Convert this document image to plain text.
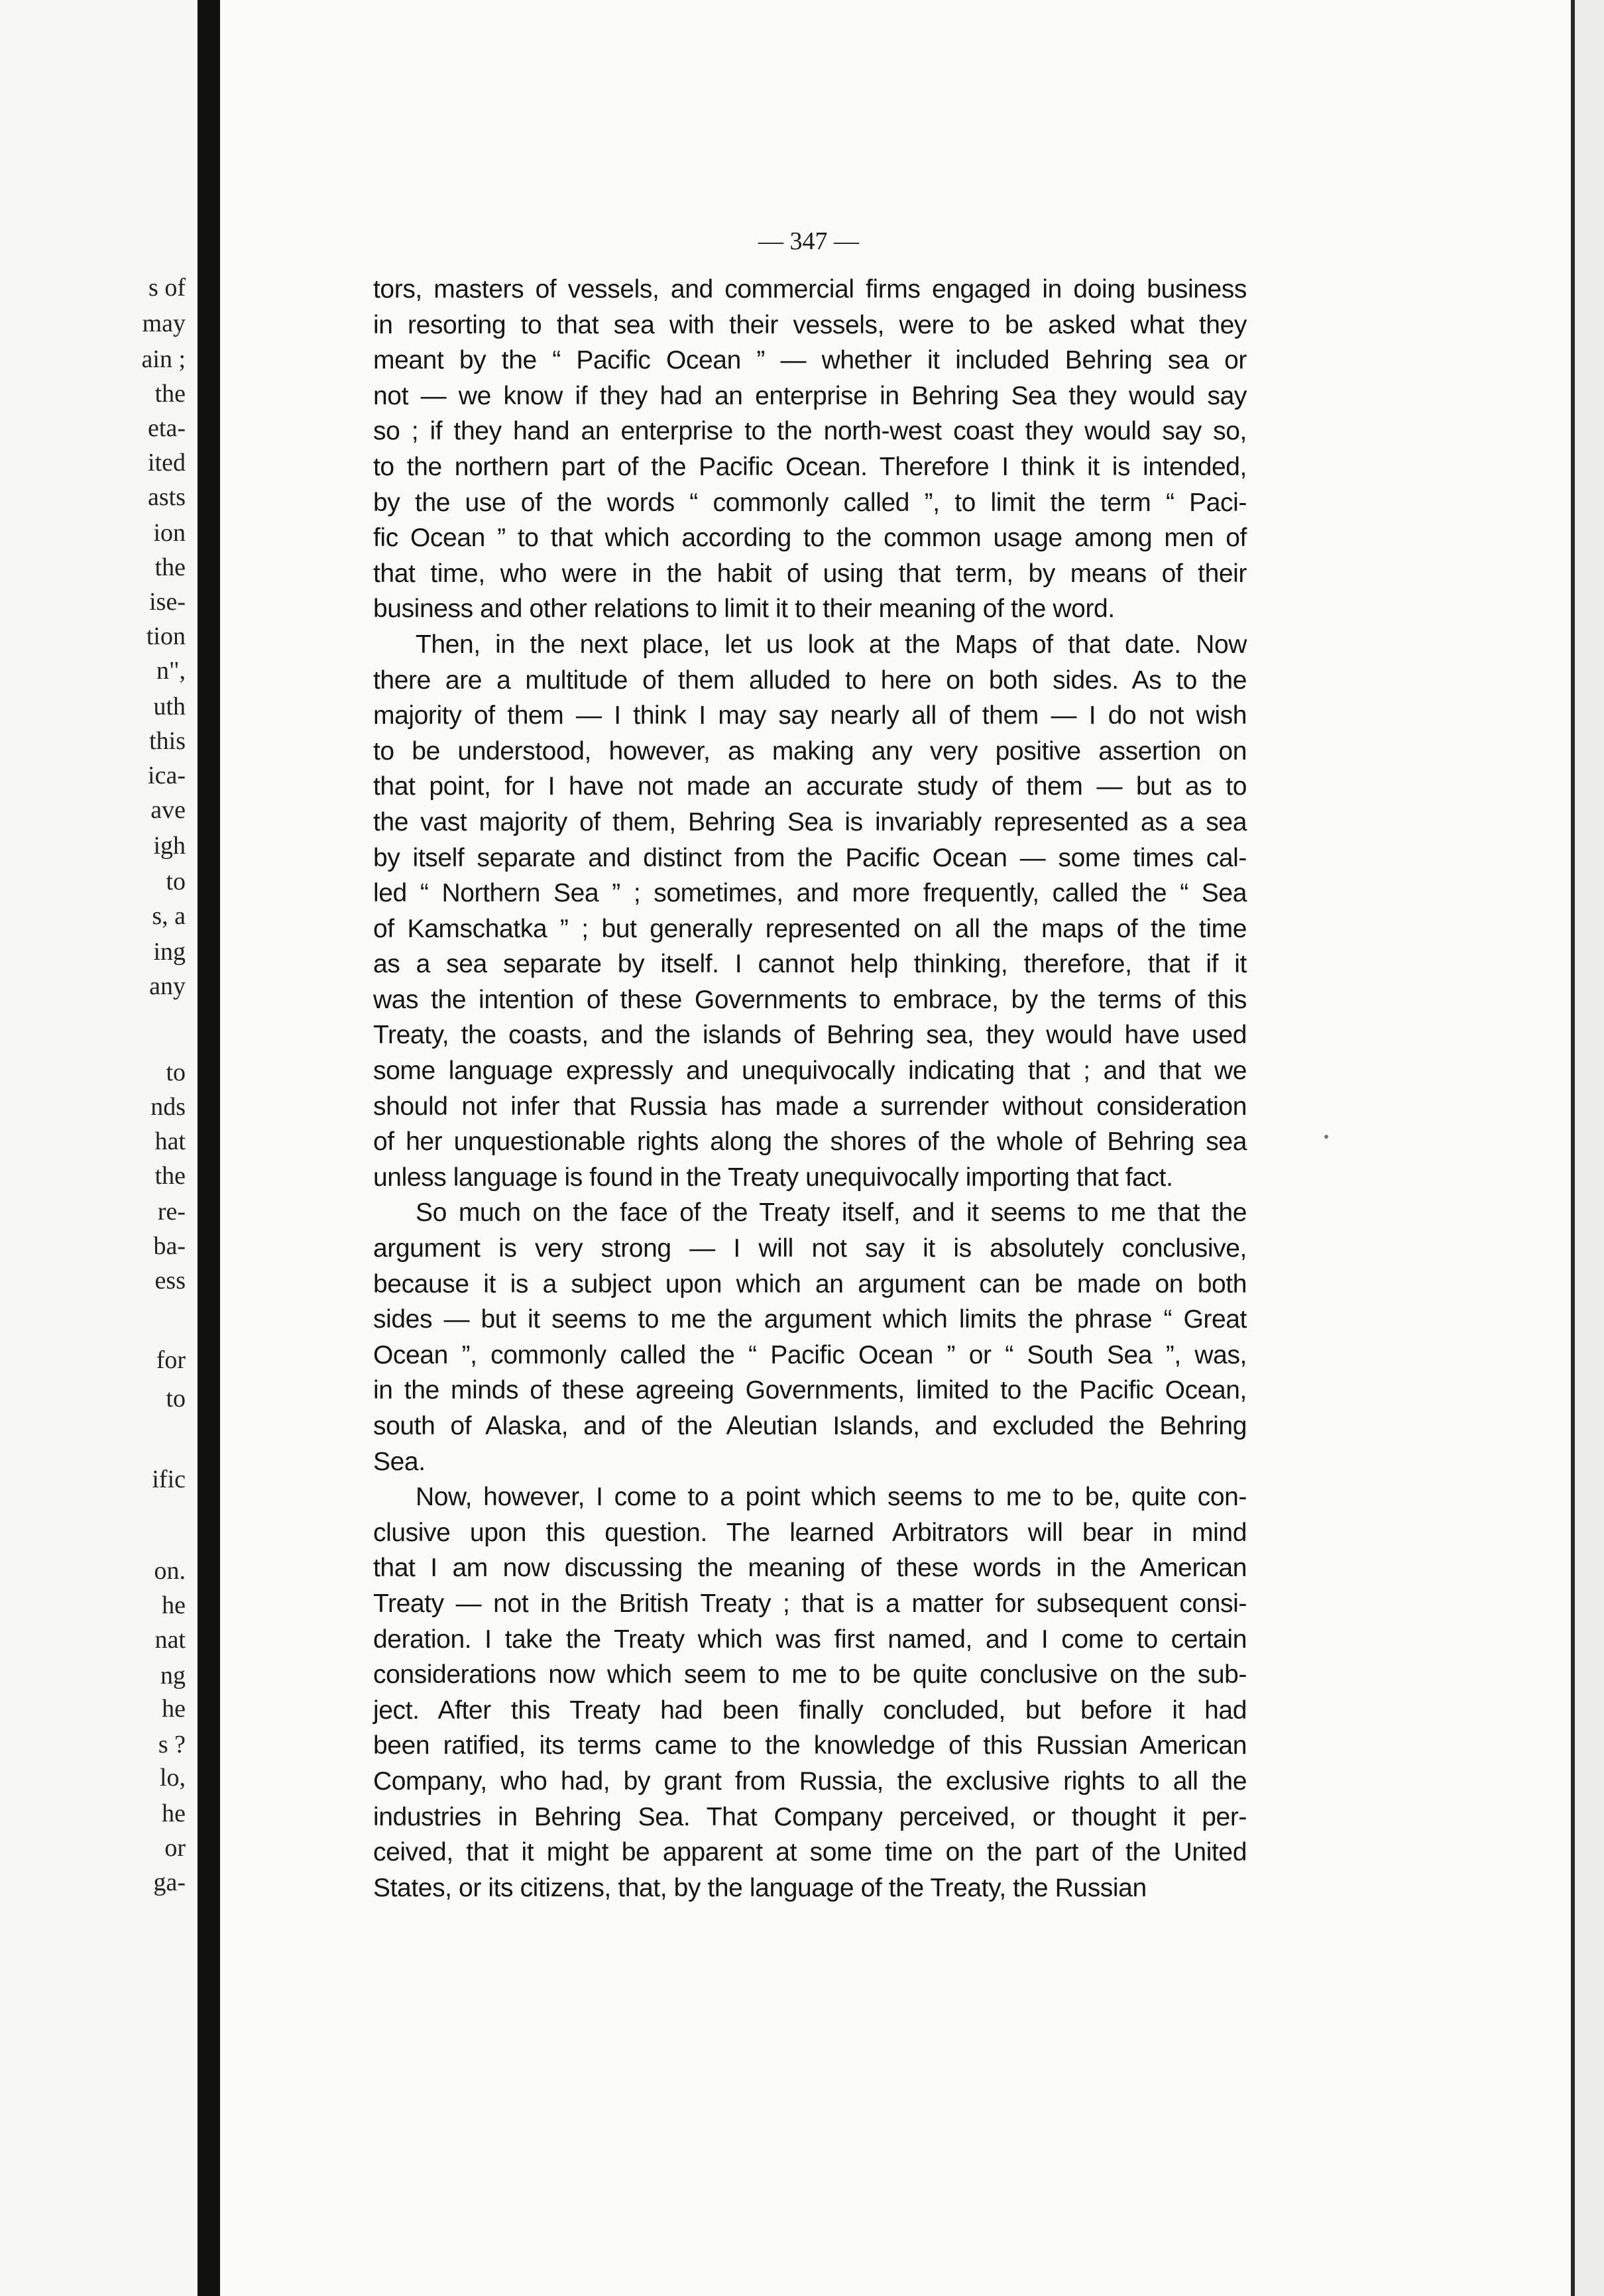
s of
may
ain ;
the
eta-
ited
asts
ion
the
ise-
tion
n",
uth
this
ica-
ave
igh
to
s, a
ing
any
to
nds
hat
the
re-
ba-
ess
for
to
ific
on.
he
nat
ng
he
s ?
lo,
he
or
ga-
— 347 —

tors, masters of vessels, and commercial firms engaged in doing business
in resorting to that sea with their vessels, were to be asked what they
meant by the “ Pacific Ocean ” — whether it included Behring sea or
not — we know if they had an enterprise in Behring Sea they would say
so ; if they hand an enterprise to the north-west coast they would say so,
to the northern part of the Pacific Ocean. Therefore I think it is intended,
by the use of the words “ commonly called ”, to limit the term “ Paci-
fic Ocean ” to that which according to the common usage among men of
that time, who were in the habit of using that term, by means of their
business and other relations to limit it to their meaning of the word.

Then, in the next place, let us look at the Maps of that date. Now
there are a multitude of them alluded to here on both sides. As to the
majority of them — I think I may say nearly all of them — I do not wish
to be understood, however, as making any very positive assertion on
that point, for I have not made an accurate study of them — but as to
the vast majority of them, Behring Sea is invariably represented as a sea
by itself separate and distinct from the Pacific Ocean — some times cal-
led “ Northern Sea ” ; sometimes, and more frequently, called the “ Sea
of Kamschatka ” ; but generally represented on all the maps of the time
as a sea separate by itself. I cannot help thinking, therefore, that if it
was the intention of these Governments to embrace, by the terms of this
Treaty, the coasts, and the islands of Behring sea, they would have used
some language expressly and unequivocally indicating that ; and that we
should not infer that Russia has made a surrender without consideration
of her unquestionable rights along the shores of the whole of Behring sea
unless language is found in the Treaty unequivocally importing that fact.

So much on the face of the Treaty itself, and it seems to me that the
argument is very strong — I will not say it is absolutely conclusive,
because it is a subject upon which an argument can be made on both
sides — but it seems to me the argument which limits the phrase “ Great
Ocean ”, commonly called the “ Pacific Ocean ” or “ South Sea ”, was,
in the minds of these agreeing Governments, limited to the Pacific Ocean,
south of Alaska, and of the Aleutian Islands, and excluded the Behring
Sea.

Now, however, I come to a point which seems to me to be, quite con-
clusive upon this question. The learned Arbitrators will bear in mind
that I am now discussing the meaning of these words in the American
Treaty — not in the British Treaty ; that is a matter for subsequent consi-
deration. I take the Treaty which was first named, and I come to certain
considerations now which seem to me to be quite conclusive on the sub-
ject. After this Treaty had been finally concluded, but before it had
been ratified, its terms came to the knowledge of this Russian American
Company, who had, by grant from Russia, the exclusive rights to all the
industries in Behring Sea. That Company perceived, or thought it per-
ceived, that it might be apparent at some time on the part of the United
States, or its citizens, that, by the language of the Treaty, the Russian
